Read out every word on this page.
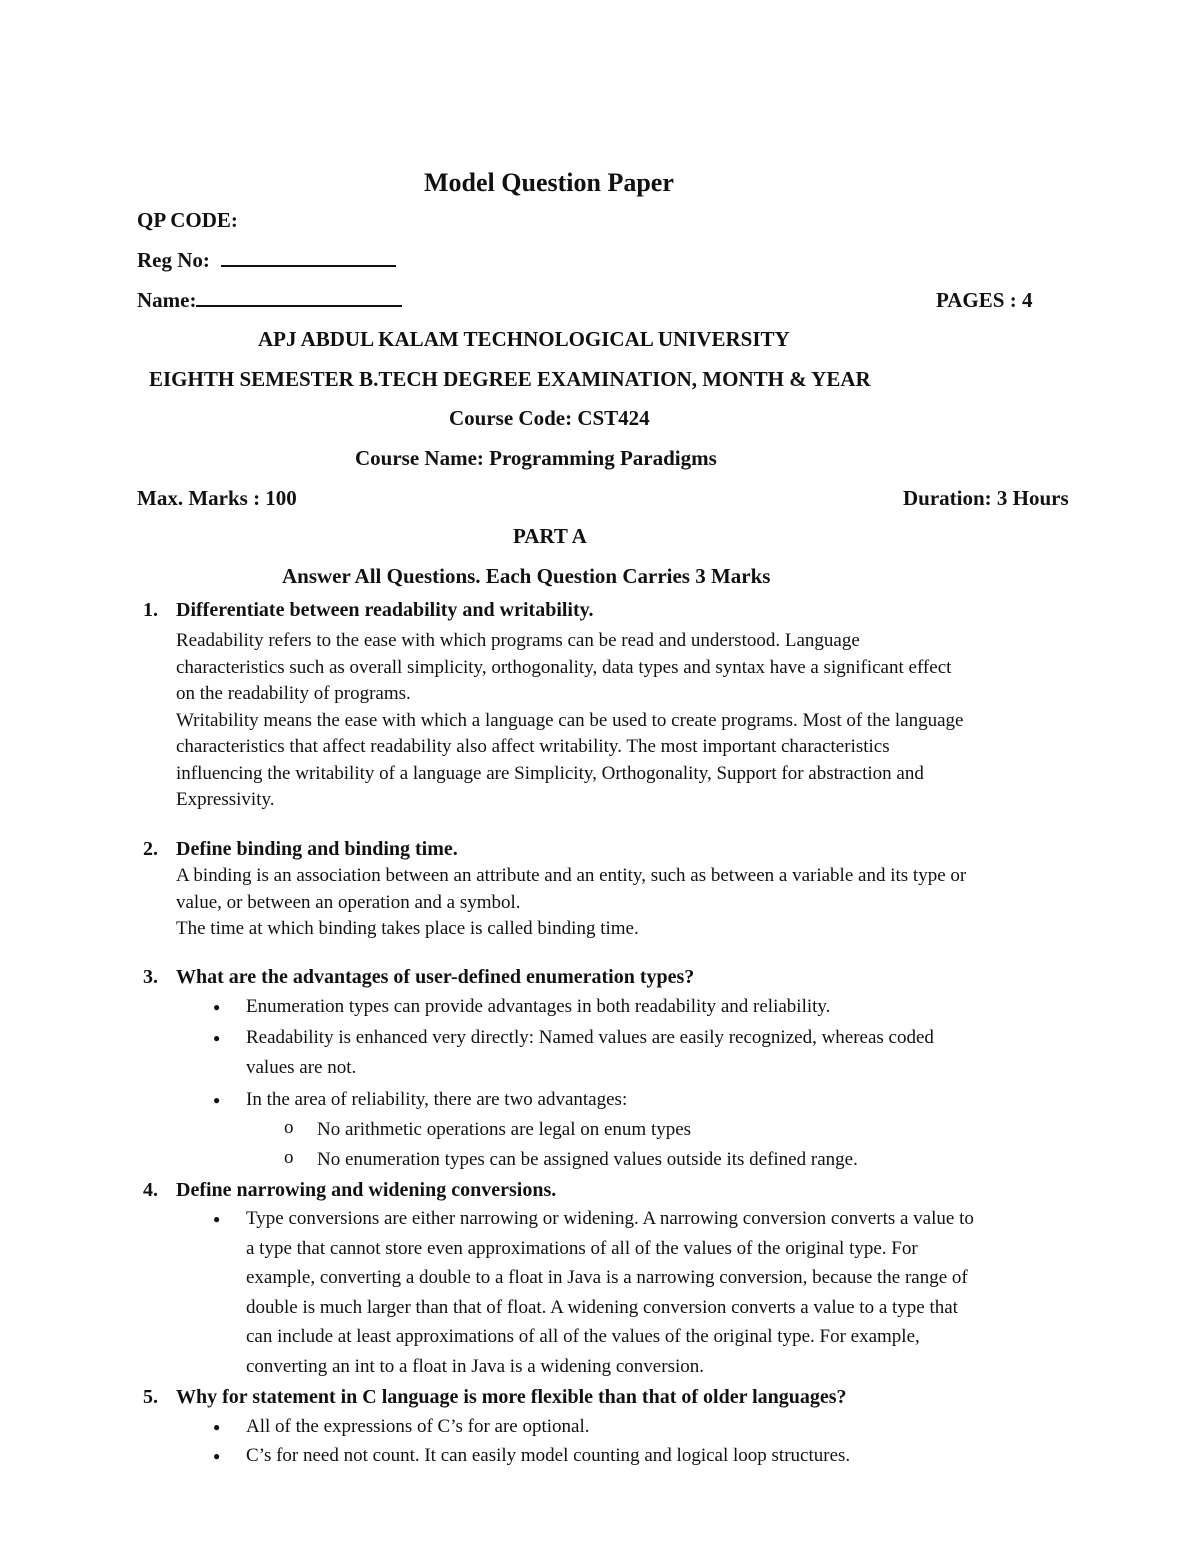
Model Question Paper
QP CODE:
Reg No:
Name:	PAGES : 4
APJ ABDUL KALAM TECHNOLOGICAL UNIVERSITY
EIGHTH SEMESTER B.TECH DEGREE EXAMINATION, MONTH & YEAR
Course Code: CST424
Course Name: Programming Paradigms
Max. Marks : 100	Duration: 3 Hours
PART A
Answer All Questions. Each Question Carries 3 Marks
1. Differentiate between readability and writability.
Readability refers to the ease with which programs can be read and understood. Language
characteristics such as overall simplicity, orthogonality, data types and syntax have a significant effect
on the readability of programs.
Writability means the ease with which a language can be used to create programs. Most of the language
characteristics that affect readability also affect writability. The most important characteristics
influencing the writability of a language are Simplicity, Orthogonality, Support for abstraction and
Expressivity.
2. Define binding and binding time.
A binding is an association between an attribute and an entity, such as between a variable and its type or
value, or between an operation and a symbol.
The time at which binding takes place is called binding time.
3. What are the advantages of user-defined enumeration types?
● Enumeration types can provide advantages in both readability and reliability.
● Readability is enhanced very directly: Named values are easily recognized, whereas coded
values are not.
● In the area of reliability, there are two advantages:
o No arithmetic operations are legal on enum types
o No enumeration types can be assigned values outside its defined range.
4. Define narrowing and widening conversions.
● Type conversions are either narrowing or widening. A narrowing conversion converts a value to
a type that cannot store even approximations of all of the values of the original type. For
example, converting a double to a float in Java is a narrowing conversion, because the range of
double is much larger than that of float. A widening conversion converts a value to a type that
can include at least approximations of all of the values of the original type. For example,
converting an int to a float in Java is a widening conversion.
5. Why for statement in C language is more flexible than that of older languages?
● All of the expressions of C’s for are optional.
● C’s for need not count. It can easily model counting and logical loop structures.
